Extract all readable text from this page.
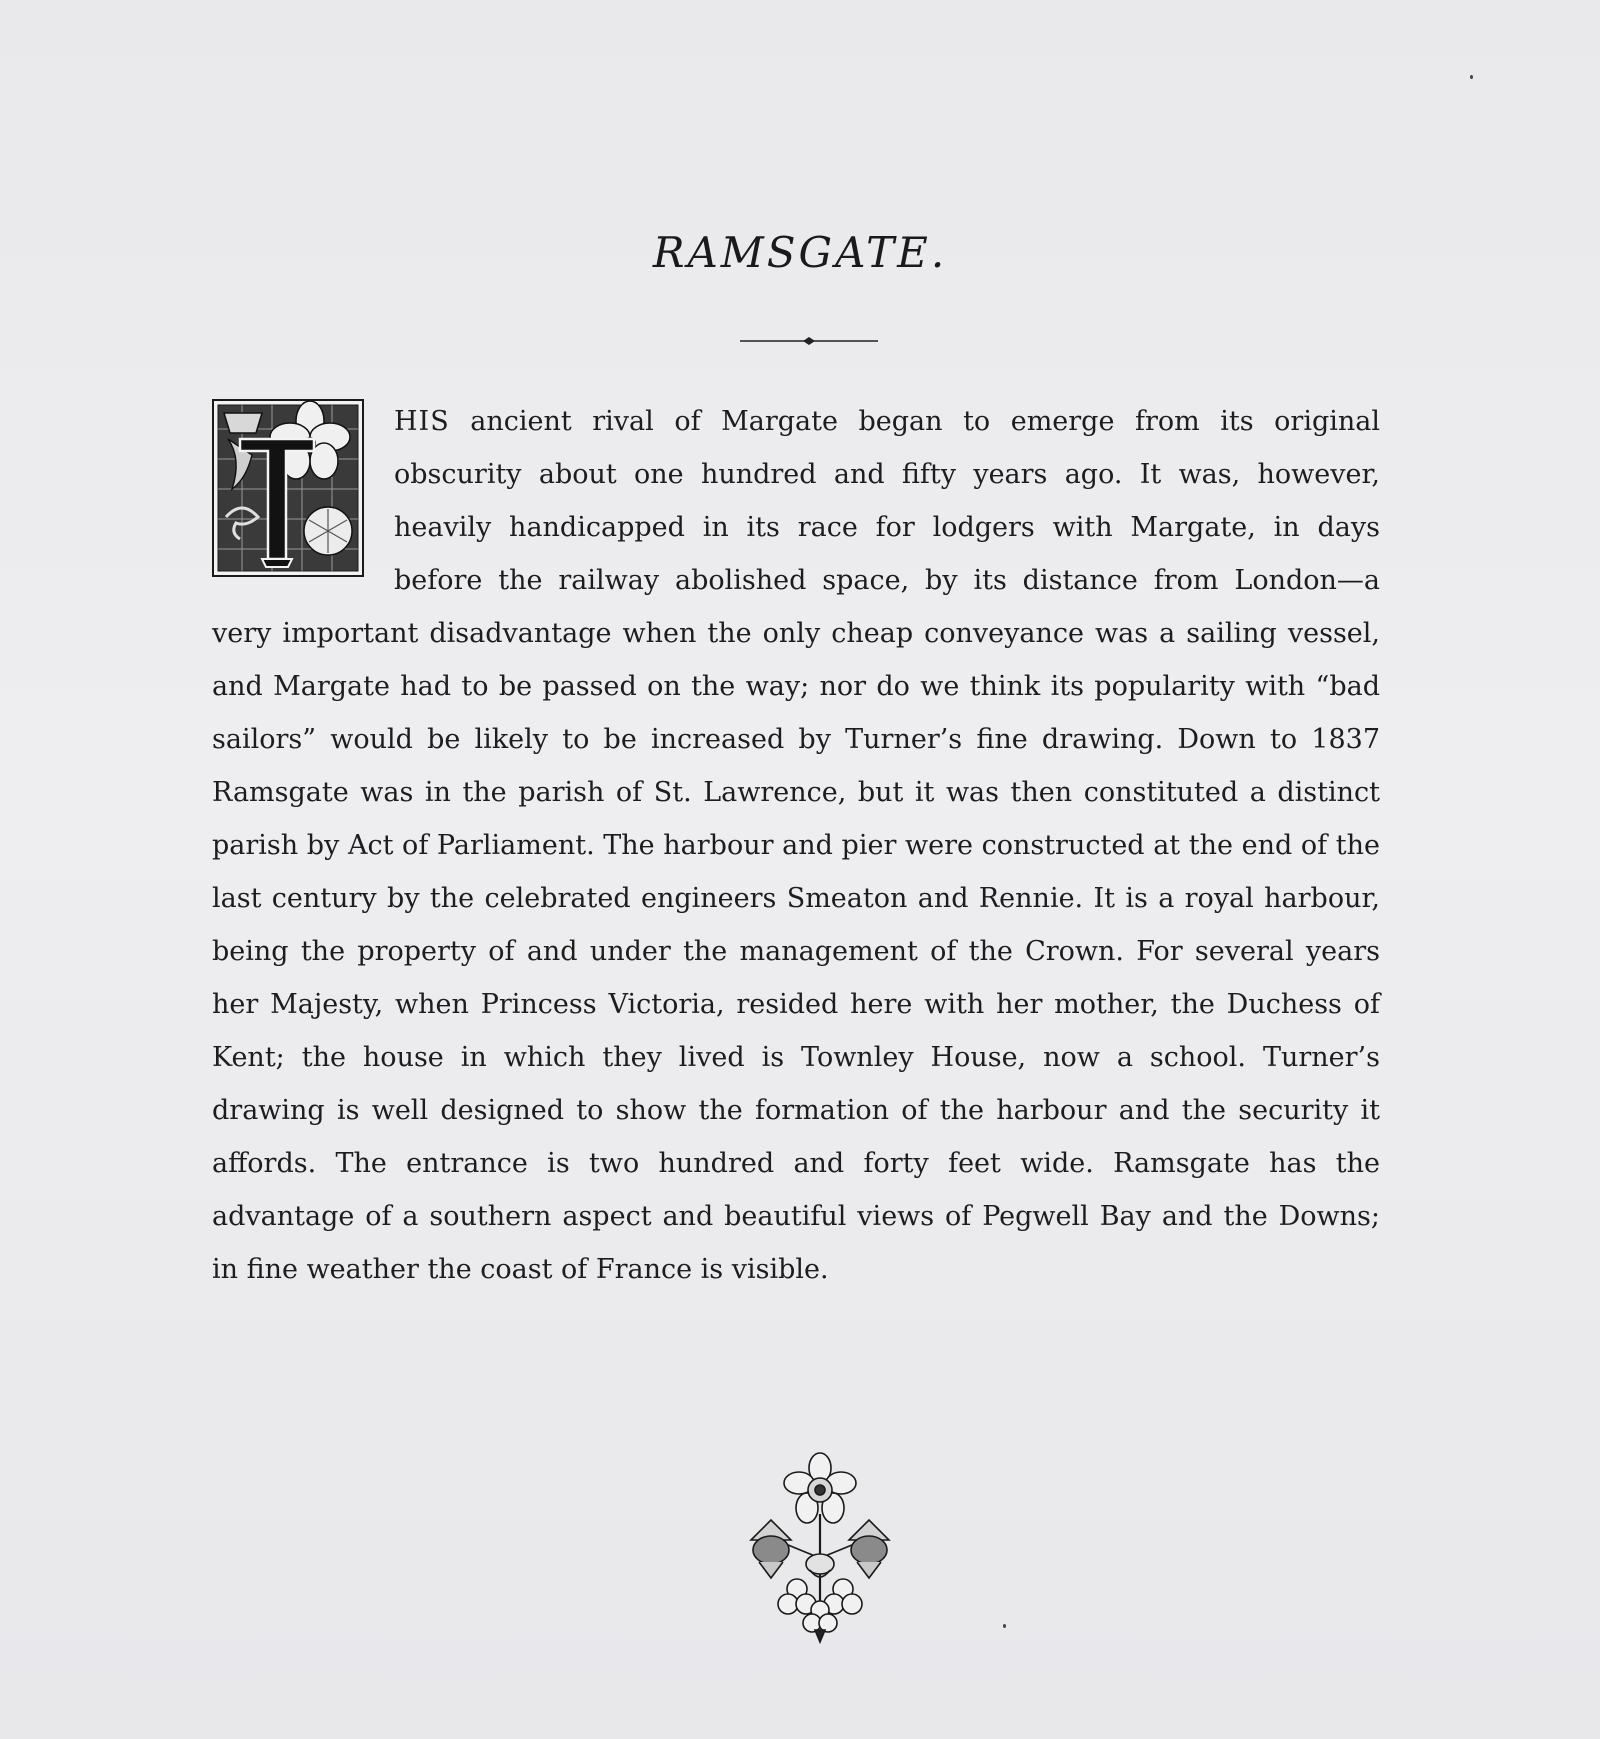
RAMSGATE.

HIS ancient rival of Margate began to emerge from its original obscurity about one hundred and fifty years ago. It was, however, heavily handicapped in its race for lodgers with Margate, in days before the railway abolished space, by its distance from London—a very important disadvantage when the only cheap conveyance was a sailing vessel, and Margate had to be passed on the way; nor do we think its popularity with “bad sailors” would be likely to be increased by Turner’s fine drawing. Down to 1837 Ramsgate was in the parish of St. Lawrence, but it was then constituted a distinct parish by Act of Parliament. The harbour and pier were constructed at the end of the last century by the celebrated engineers Smeaton and Rennie. It is a royal harbour, being the property of and under the management of the Crown. For several years her Majesty, when Princess Victoria, resided here with her mother, the Duchess of Kent; the house in which they lived is Townley House, now a school. Turner’s drawing is well designed to show the formation of the harbour and the security it affords. The entrance is two hundred and forty feet wide. Ramsgate has the advantage of a southern aspect and beautiful views of Pegwell Bay and the Downs; in fine weather the coast of France is visible.
